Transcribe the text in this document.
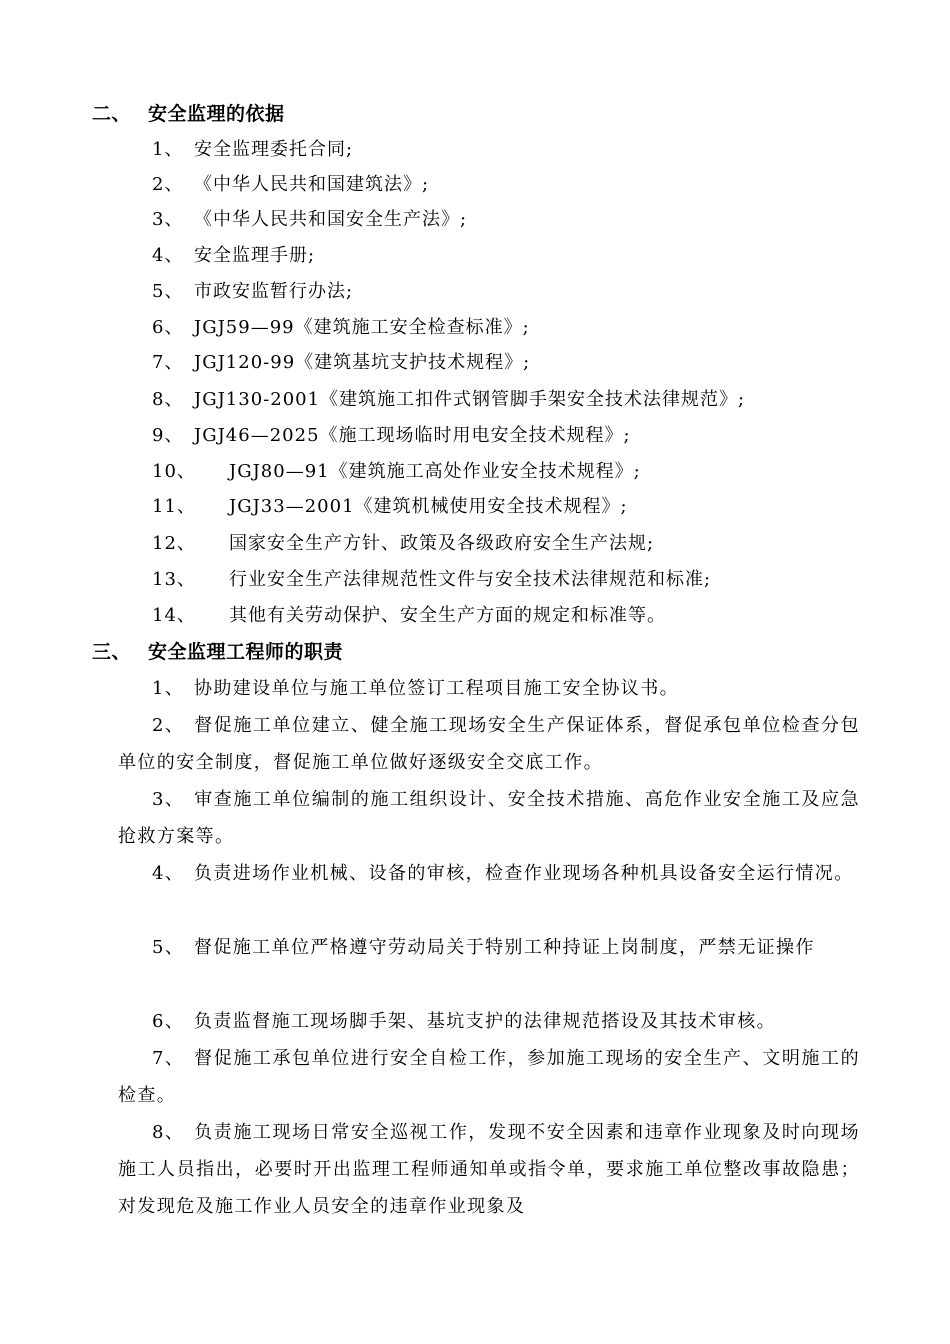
二、 安全监理的依据
1、 安全监理委托合同;
2、 《中华人民共和国建筑法》;
3、 《中华人民共和国安全生产法》;
4、 安全监理手册;
5、 市政安监暂行办法;
6、 JGJ59—99《建筑施工安全检查标准》;
7、 JGJ120-99《建筑基坑支护技术规程》;
8、 JGJ130-2001《建筑施工扣件式钢管脚手架安全技术法律规范》;
9、 JGJ46—2025《施工现场临时用电安全技术规程》;
10、 JGJ80—91《建筑施工高处作业安全技术规程》;
11、 JGJ33—2001《建筑机械使用安全技术规程》;
12、 国家安全生产方针、政策及各级政府安全生产法规;
13、 行业安全生产法律规范性文件与安全技术法律规范和标准;
14、 其他有关劳动保护、安全生产方面的规定和标准等。
三、 安全监理工程师的职责
1、 协助建设单位与施工单位签订工程项目施工安全协议书。
2、 督促施工单位建立、健全施工现场安全生产保证体系，督促承包单位检查分包单位的安全制度，督促施工单位做好逐级安全交底工作。
3、 审查施工单位编制的施工组织设计、安全技术措施、高危作业安全施工及应急抢救方案等。
4、 负责进场作业机械、设备的审核，检查作业现场各种机具设备安全运行情况。
5、 督促施工单位严格遵守劳动局关于特别工种持证上岗制度，严禁无证操作
6、 负责监督施工现场脚手架、基坑支护的法律规范搭设及其技术审核。
7、 督促施工承包单位进行安全自检工作，参加施工现场的安全生产、文明施工的检查。
8、 负责施工现场日常安全巡视工作，发现不安全因素和违章作业现象及时向现场施工人员指出，必要时开出监理工程师通知单或指令单，要求施工单位整改事故隐患；对发现危及施工作业人员安全的违章作业现象及
